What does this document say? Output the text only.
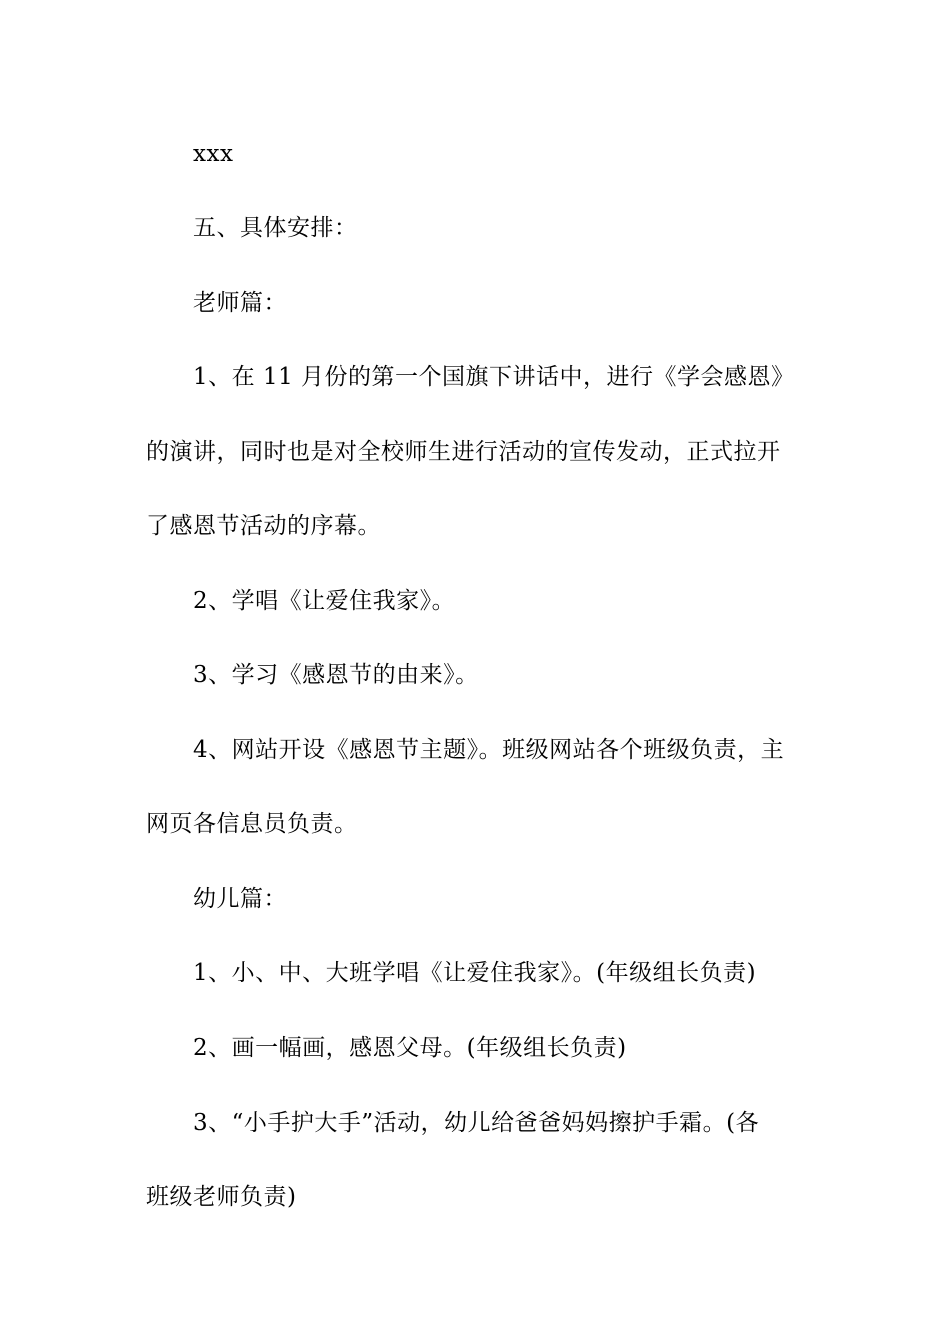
xxx

五、具体安排：

老师篇：

1、在 11 月份的第一个国旗下讲话中，进行《学会感恩》

的演讲，同时也是对全校师生进行活动的宣传发动，正式拉开

了感恩节活动的序幕。

2、学唱《让爱住我家》。

3、学习《感恩节的由来》。

4、网站开设《感恩节主题》。班级网站各个班级负责，主

网页各信息员负责。

幼儿篇：

1、小、中、大班学唱《让爱住我家》。(年级组长负责)

2、画一幅画，感恩父母。(年级组长负责)

3、“小手护大手”活动，幼儿给爸爸妈妈擦护手霜。(各

班级老师负责)
